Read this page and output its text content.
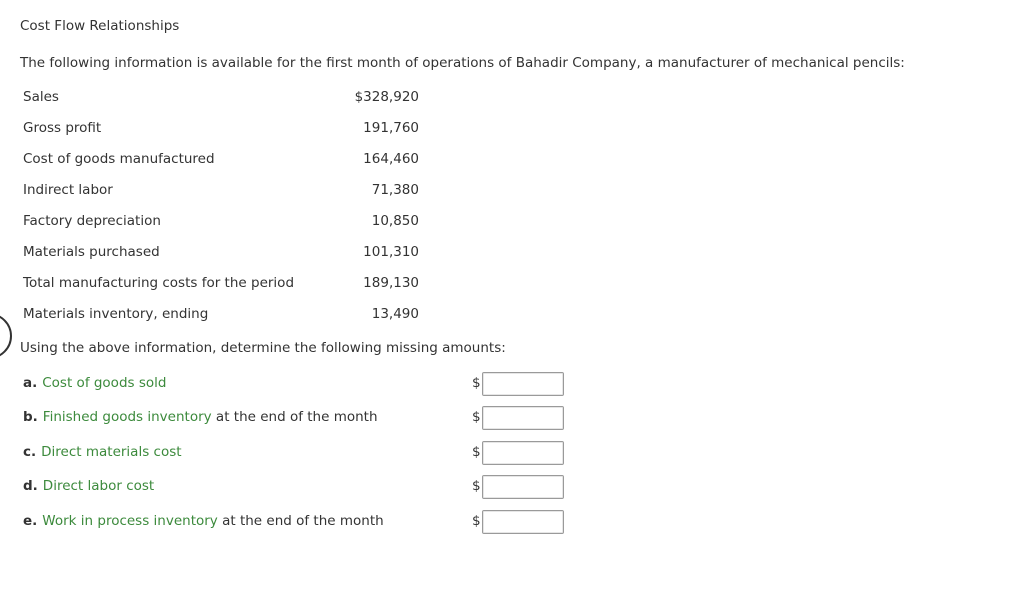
Cost Flow Relationships
The following information is available for the first month of operations of Bahadir Company, a manufacturer of mechanical pencils:
Sales	$328,920
Gross profit	191,760
Cost of goods manufactured	164,460
Indirect labor	71,380
Factory depreciation	10,850
Materials purchased	101,310
Total manufacturing costs for the period	189,130
Materials inventory, ending	13,490
Using the above information, determine the following missing amounts:
a. Cost of goods sold	$
b. Finished goods inventory at the end of the month	$
c. Direct materials cost	$
d. Direct labor cost	$
e. Work in process inventory at the end of the month	$
